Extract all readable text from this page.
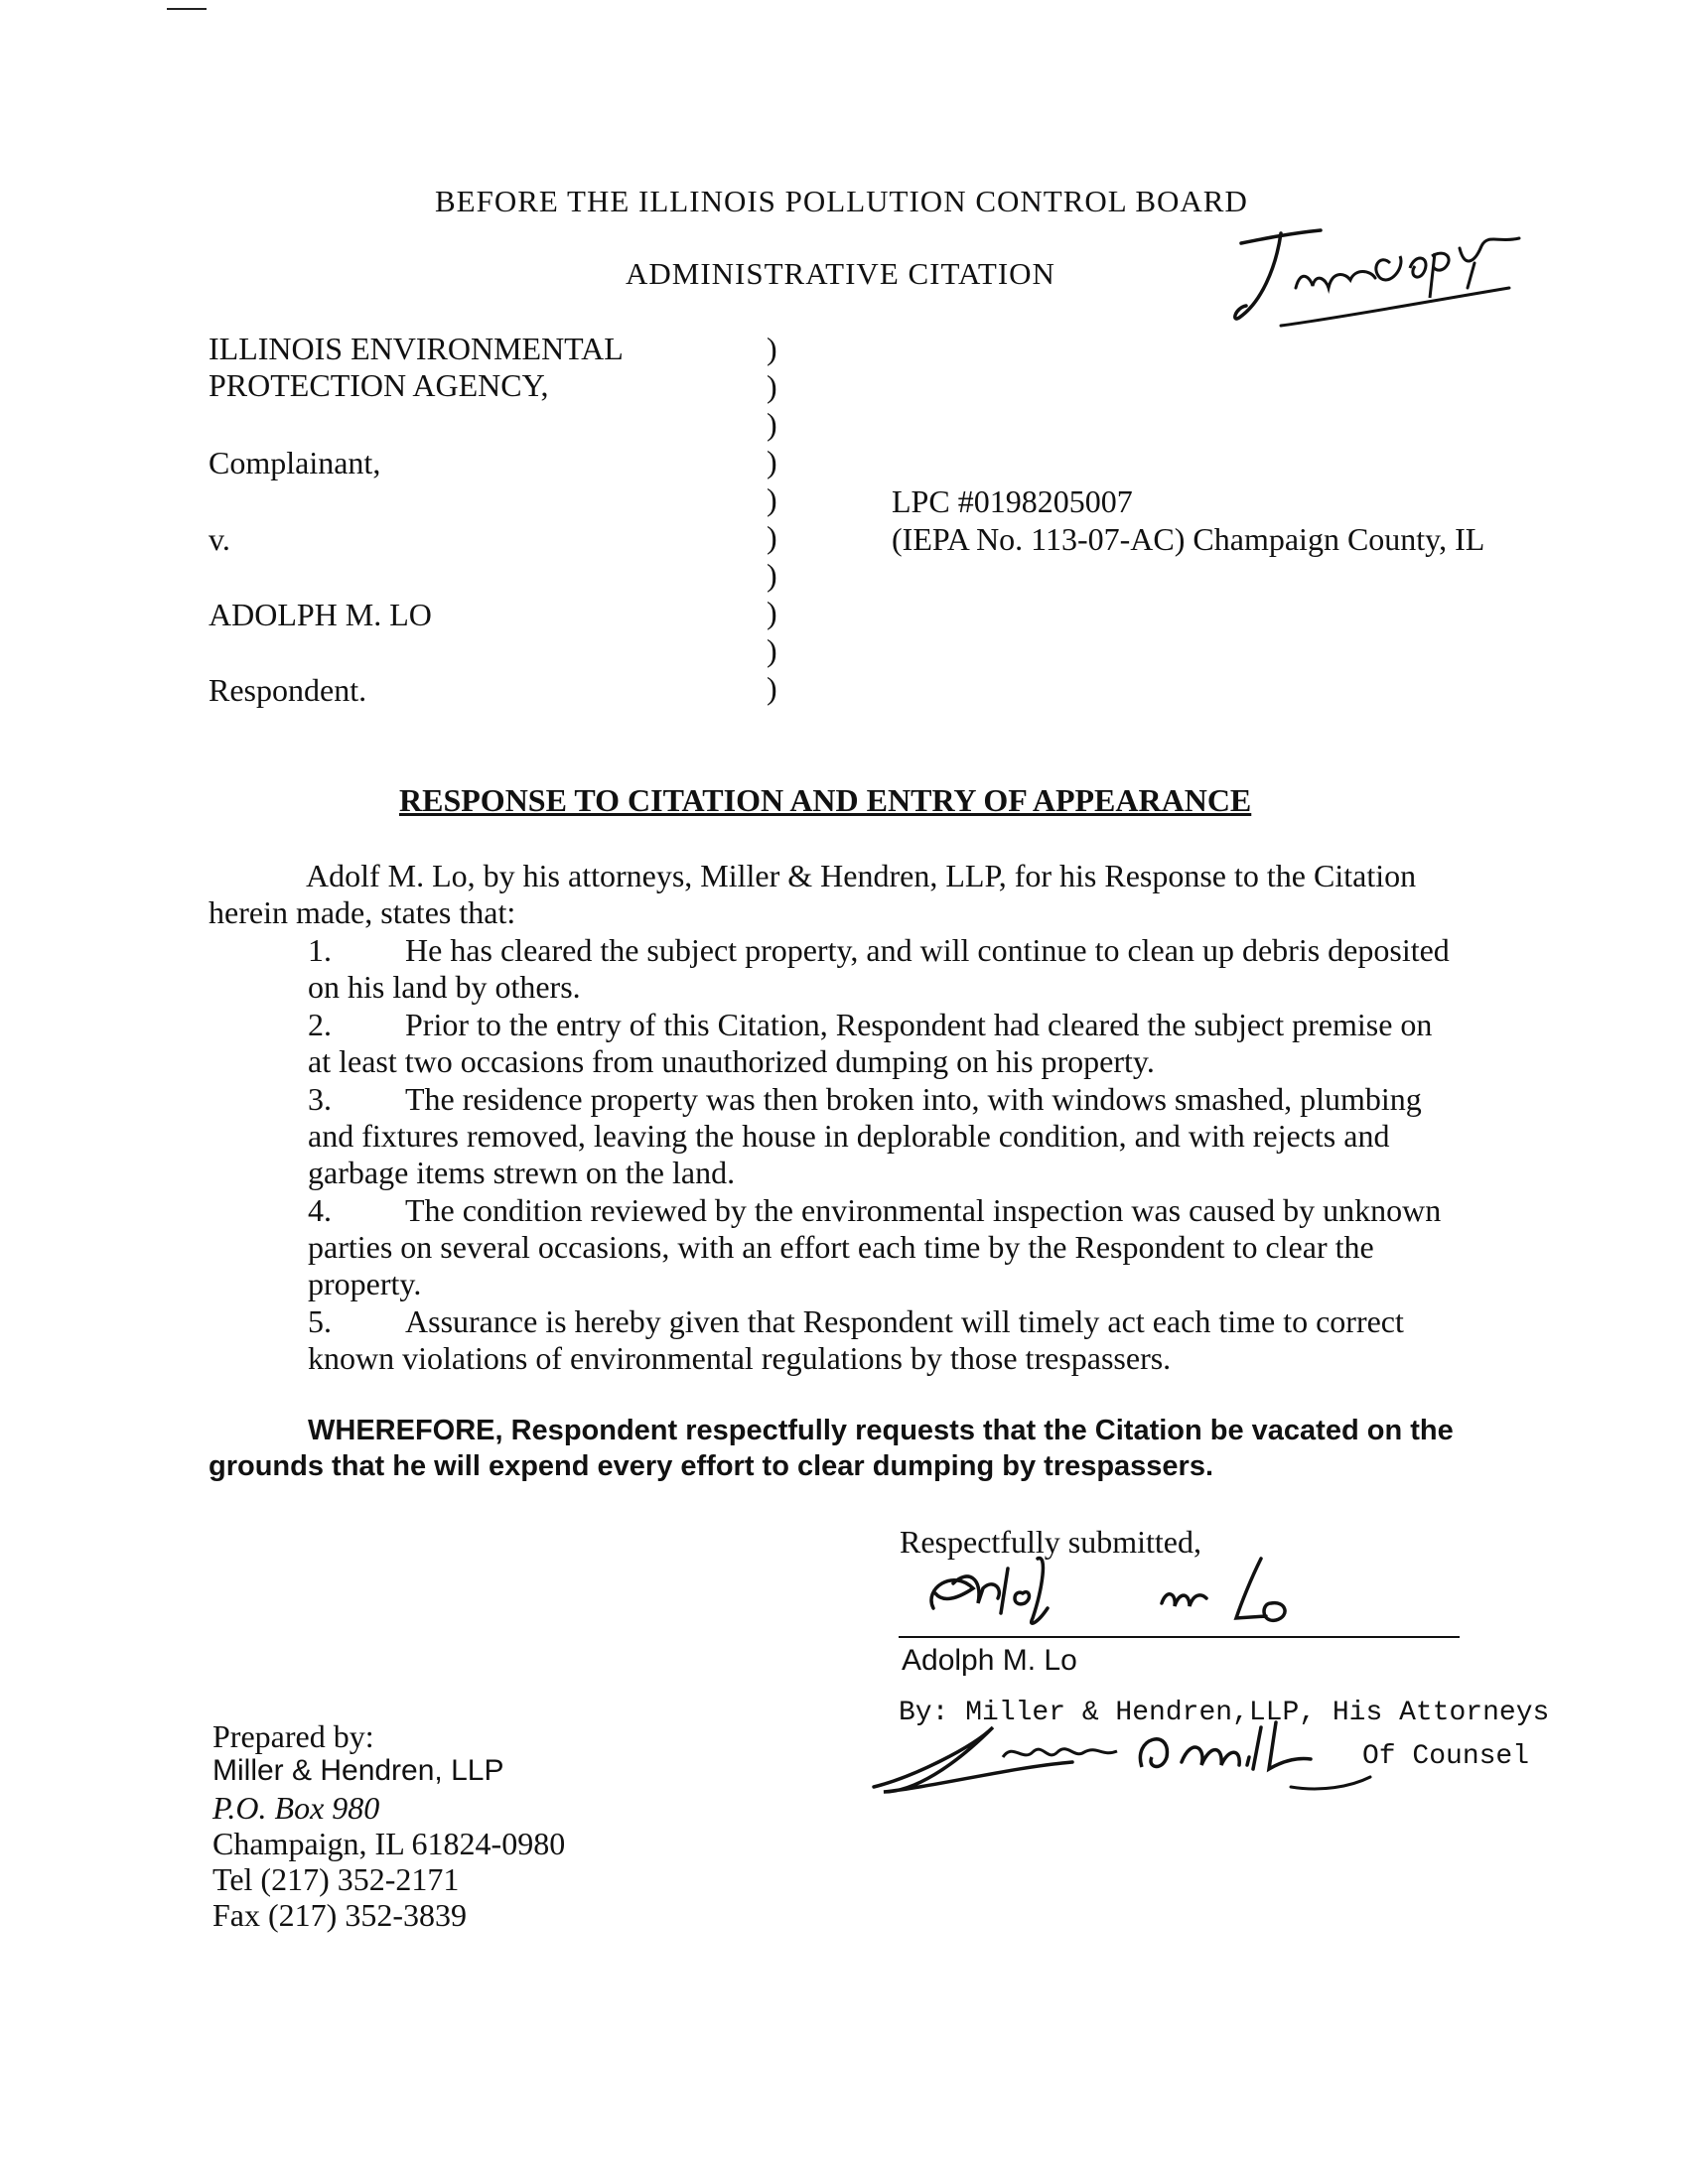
BEFORE THE ILLINOIS POLLUTION CONTROL BOARD
ADMINISTRATIVE CITATION
True Copy
ILLINOIS ENVIRONMENTAL
PROTECTION AGENCY,
Complainant,
v.
ADOLPH M. LO
Respondent.
)
)
)
)
)
)
)
)
)
)
LPC #0198205007
(IEPA No. 113-07-AC) Champaign County, IL
RESPONSE TO CITATION AND ENTRY OF APPEARANCE
Adolf M. Lo, by his attorneys, Miller & Hendren, LLP, for his Response to the Citation
herein made, states that:
1. He has cleared the subject property, and will continue to clean up debris deposited
on his land by others.
2. Prior to the entry of this Citation, Respondent had cleared the subject premise on
at least two occasions from unauthorized dumping on his property.
3. The residence property was then broken into, with windows smashed, plumbing
and fixtures removed, leaving the house in deplorable condition, and with rejects and
garbage items strewn on the land.
4. The condition reviewed by the environmental inspection was caused by unknown
parties on several occasions, with an effort each time by the Respondent to clear the
property.
5. Assurance is hereby given that Respondent will timely act each time to correct
known violations of environmental regulations by those trespassers.
WHEREFORE, Respondent respectfully requests that the Citation be vacated on the
grounds that he will expend every effort to clear dumping by trespassers.
Respectfully submitted,
Adolph M. Lo
By: Miller & Hendren,LLP, His Attorneys
Of Counsel
Lawrence A. Miller
Prepared by:
Miller & Hendren, LLP
P.O. Box 980
Champaign, IL 61824-0980
Tel (217) 352-2171
Fax (217) 352-3839
